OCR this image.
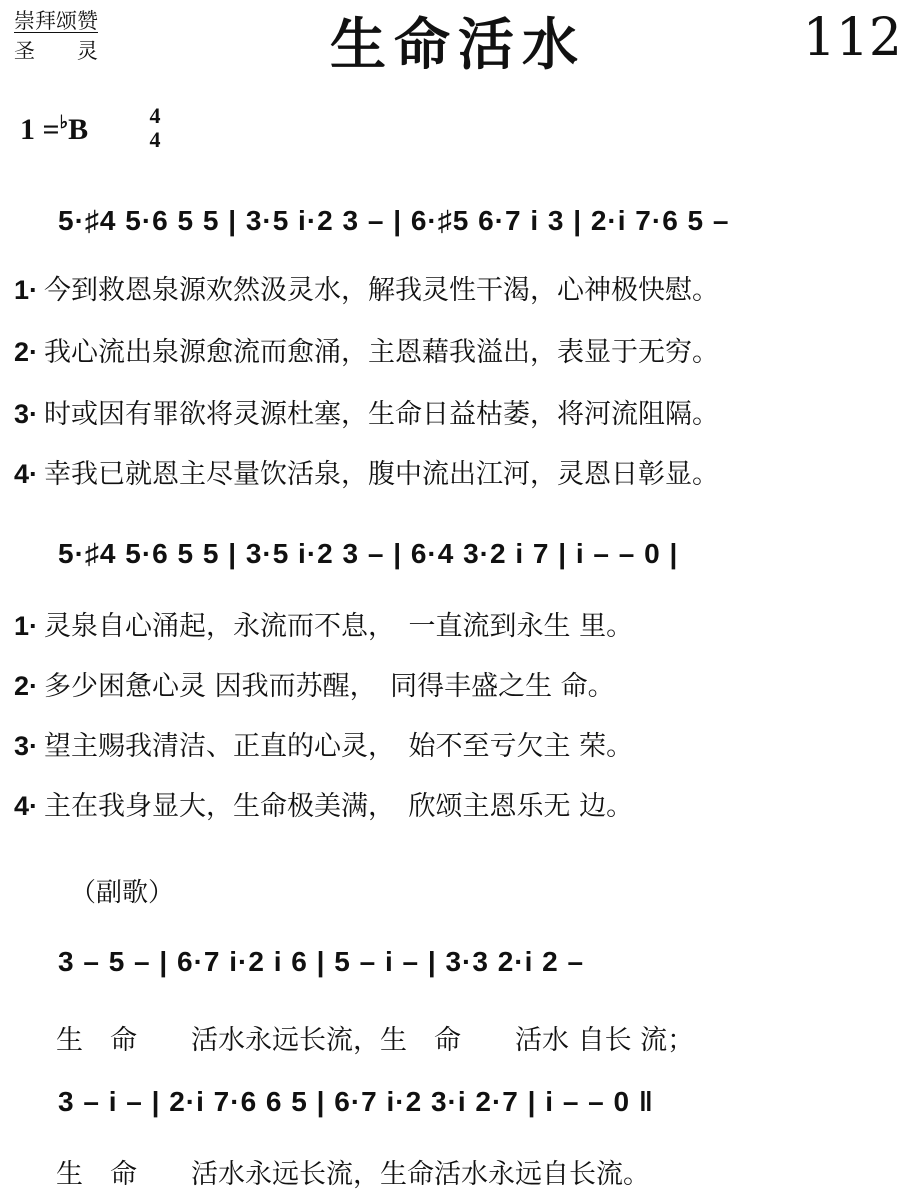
崇拜颂赞
圣　　灵	生命活水	112
1 =♭B	4
4
5·♯4 5·6 5 5 | 3·5 i·2 3 – | 6·♯5 6·7 i 3 | 2·i 7·6 5 –
1· 今到救恩泉源欢然汲灵水，解我灵性干渴，心神极快慰。
2· 我心流出泉源愈流而愈涌，主恩藉我溢出，表显于无穷。
3· 时或因有罪欲将灵源杜塞，生命日益枯萎，将河流阻隔。
4· 幸我已就恩主尽量饮活泉，腹中流出江河，灵恩日彰显。
5·♯4 5·6 5 5 | 3·5 i·2 3 – | 6·4 3·2 i 7 | i – – 0 |
1· 灵泉自心涌起，永流而不息，　一直流到永生 里。
2· 多少困惫心灵 因我而苏醒，　同得丰盛之生 命。
3· 望主赐我清洁、正直的心灵，　始不至亏欠主 荣。
4· 主在我身显大，生命极美满，　欣颂主恩乐无 边。
（副歌）
3 – 5 – | 6·7 i·2 i 6 | 5 – i – | 3·3 2·i 2 –
生　命　　活水永远长流，生　命　　活水 自长 流；
3 – i – | 2·i 7·6 6 5 | 6·7 i·2 3·i 2·7 | i – – 0 ‖
生　命　　活水永远长流，生命活水永远自长流。
